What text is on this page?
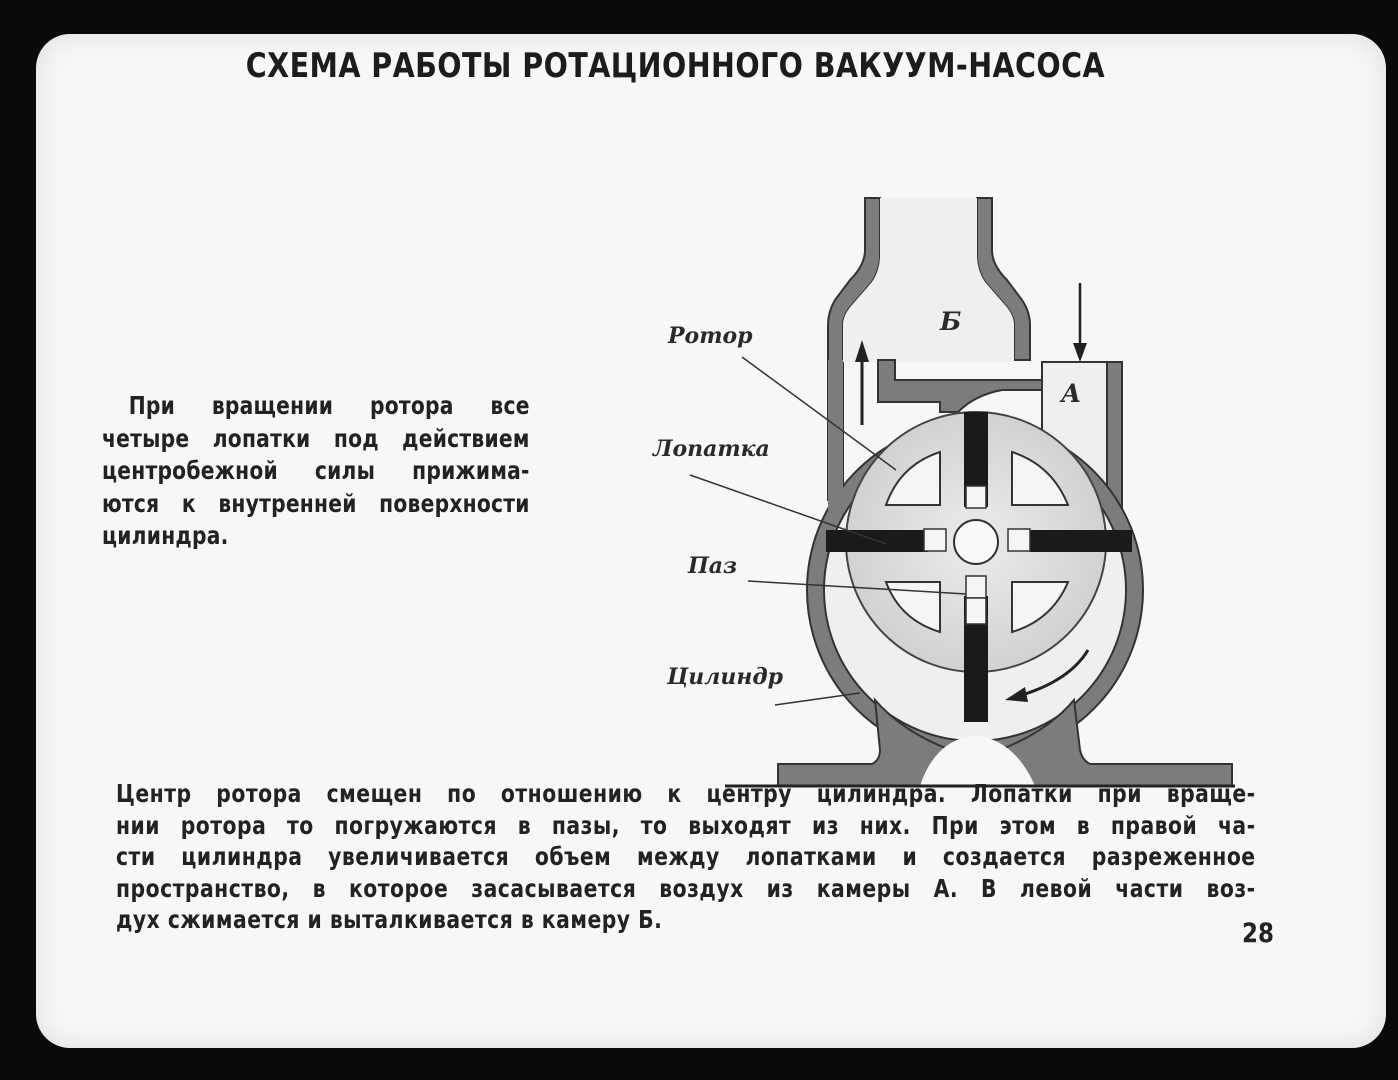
СХЕМА РАБОТЫ РОТАЦИОННОГО ВАКУУМ-НАСОСА
При вращении ротора все четыре лопатки под действием центробежной силы прижима- ются к внутренней поверхности цилиндра.
Ротор
Лопатка
Паз
Цилиндр
Б
А
Центр ротора смещен по отношению к центру цилиндра. Лопатки при враще-
нии ротора то погружаются в пазы, то выходят из них. При этом в правой ча-
сти цилиндра увеличивается объем между лопатками и создается разреженное
пространство, в которое засасывается воздух из камеры А. В левой части воз-
дух сжимается и выталкивается в камеру Б.	28
